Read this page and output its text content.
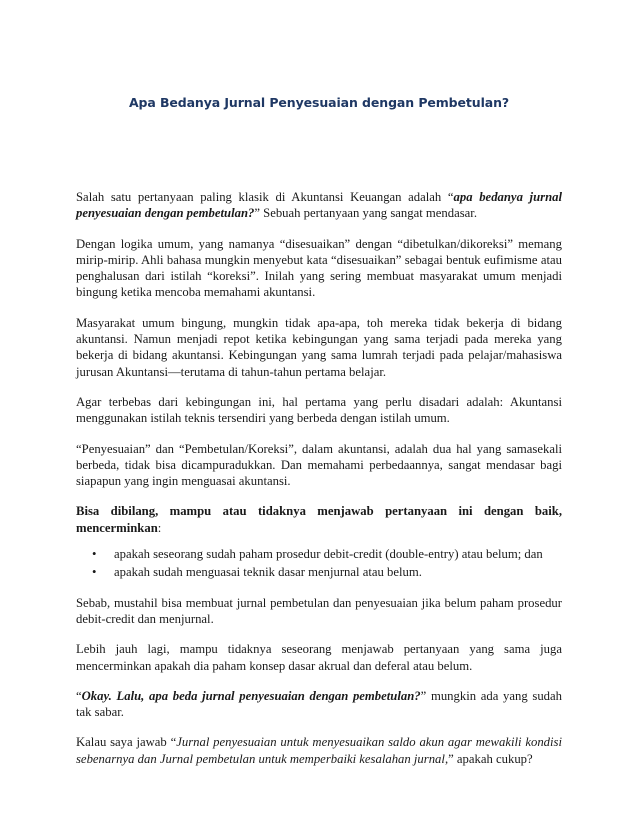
Apa Bedanya Jurnal Penyesuaian dengan Pembetulan?

Salah satu pertanyaan paling klasik di Akuntansi Keuangan adalah “apa bedanya jurnal penyesuaian dengan pembetulan?” Sebuah pertanyaan yang sangat mendasar.

Dengan logika umum, yang namanya “disesuaikan” dengan “dibetulkan/dikoreksi” memang mirip-mirip. Ahli bahasa mungkin menyebut kata “disesuaikan” sebagai bentuk eufimisme atau penghalusan dari istilah “koreksi”. Inilah yang sering membuat masyarakat umum menjadi bingung ketika mencoba memahami akuntansi.

Masyarakat umum bingung, mungkin tidak apa-apa, toh mereka tidak bekerja di bidang akuntansi. Namun menjadi repot ketika kebingungan yang sama terjadi pada mereka yang bekerja di bidang akuntansi. Kebingungan yang sama lumrah terjadi pada pelajar/mahasiswa jurusan Akuntansi—terutama di tahun-tahun pertama belajar.

Agar terbebas dari kebingungan ini, hal pertama yang perlu disadari adalah: Akuntansi menggunakan istilah teknis tersendiri yang berbeda dengan istilah umum.

“Penyesuaian” dan “Pembetulan/Koreksi”, dalam akuntansi, adalah dua hal yang samasekali berbeda, tidak bisa dicampuradukkan. Dan memahami perbedaannya, sangat mendasar bagi siapapun yang ingin menguasai akuntansi.

Bisa dibilang, mampu atau tidaknya menjawab pertanyaan ini dengan baik, mencerminkan:

• apakah seseorang sudah paham prosedur debit-credit (double-entry) atau belum; dan
• apakah sudah menguasai teknik dasar menjurnal atau belum.

Sebab, mustahil bisa membuat jurnal pembetulan dan penyesuaian jika belum paham prosedur debit-credit dan menjurnal.

Lebih jauh lagi, mampu tidaknya seseorang menjawab pertanyaan yang sama juga mencerminkan apakah dia paham konsep dasar akrual dan deferal atau belum.

“Okay. Lalu, apa beda jurnal penyesuaian dengan pembetulan?” mungkin ada yang sudah tak sabar.

Kalau saya jawab “Jurnal penyesuaian untuk menyesuaikan saldo akun agar mewakili kondisi sebenarnya dan Jurnal pembetulan untuk memperbaiki kesalahan jurnal,” apakah cukup?
